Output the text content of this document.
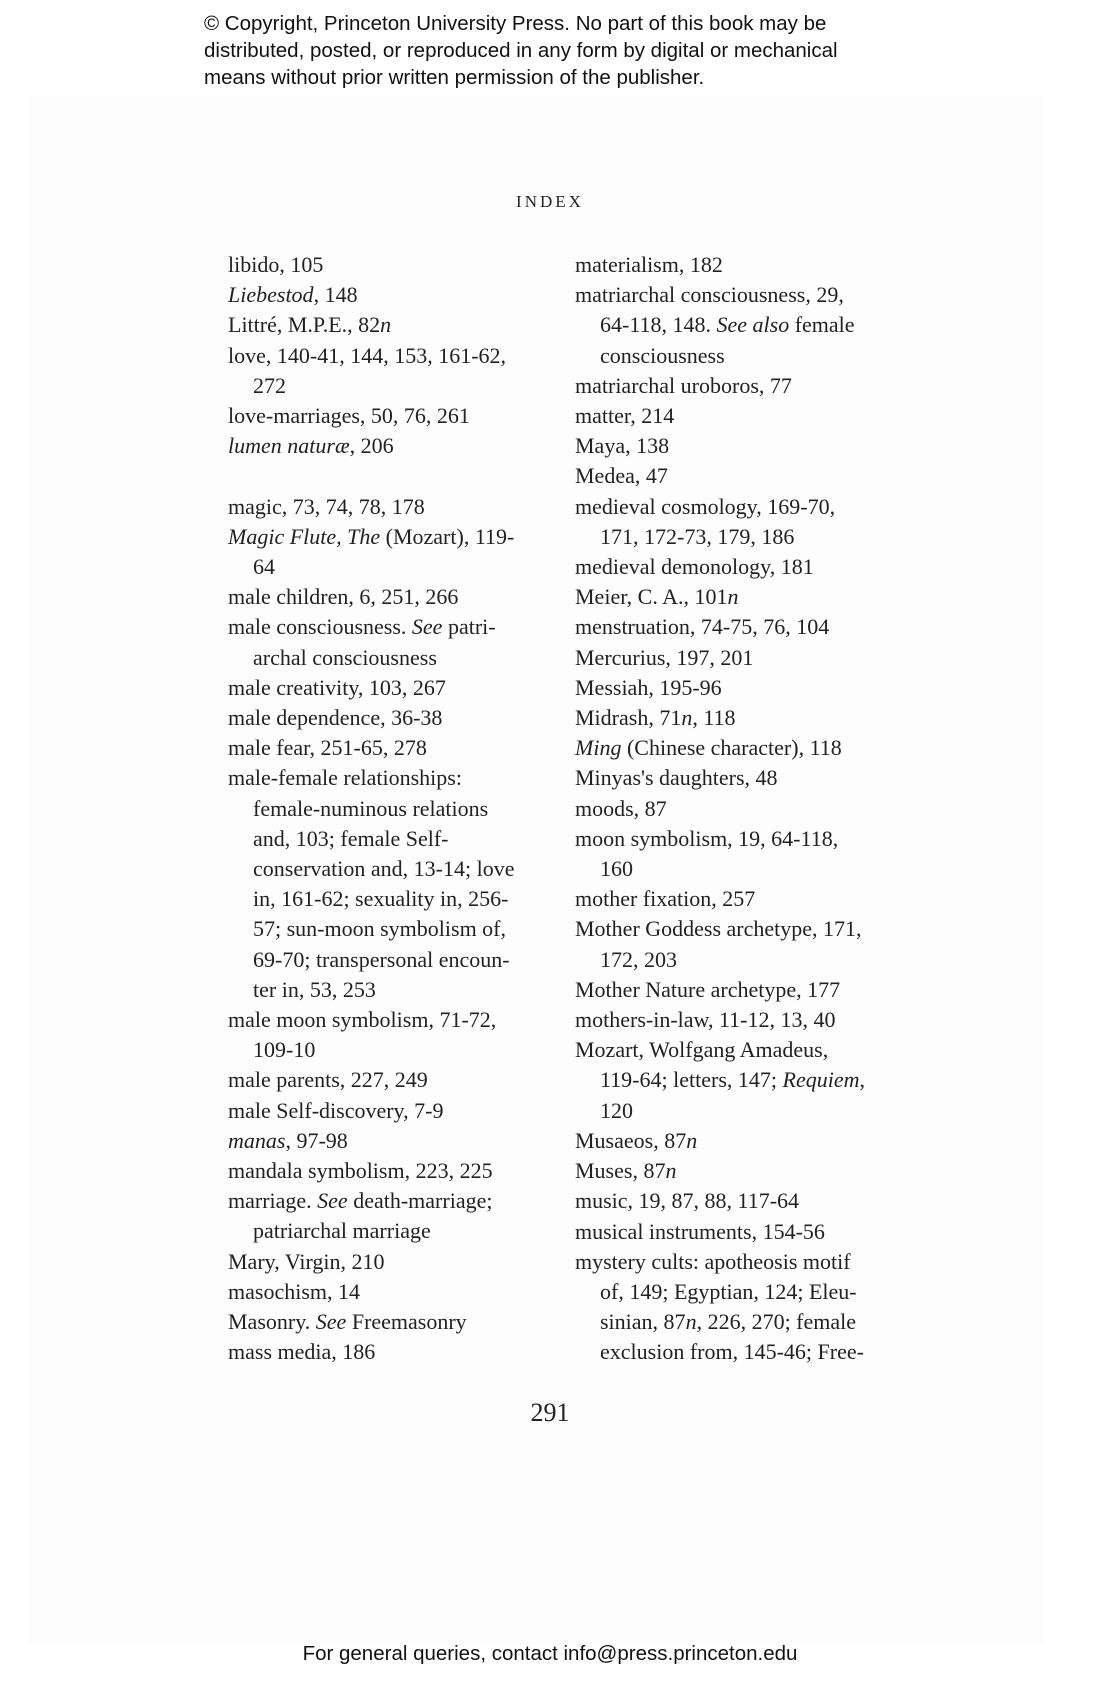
© Copyright, Princeton University Press. No part of this book may be
distributed, posted, or reproduced in any form by digital or mechanical
means without prior written permission of the publisher.
INDEX
libido, 105
Liebestod, 148
Littré, M.P.E., 82n
love, 140-41, 144, 153, 161-62,
272
love-marriages, 50, 76, 261
lumen naturæ, 206
magic, 73, 74, 78, 178
Magic Flute, The (Mozart), 119-
64
male children, 6, 251, 266
male consciousness. See patri-
archal consciousness
male creativity, 103, 267
male dependence, 36-38
male fear, 251-65, 278
male-female relationships:
female-numinous relations
and, 103; female Self-
conservation and, 13-14; love
in, 161-62; sexuality in, 256-
57; sun-moon symbolism of,
69-70; transpersonal encoun-
ter in, 53, 253
male moon symbolism, 71-72,
109-10
male parents, 227, 249
male Self-discovery, 7-9
manas, 97-98
mandala symbolism, 223, 225
marriage. See death-marriage;
patriarchal marriage
Mary, Virgin, 210
masochism, 14
Masonry. See Freemasonry
mass media, 186
materialism, 182
matriarchal consciousness, 29,
64-118, 148. See also female
consciousness
matriarchal uroboros, 77
matter, 214
Maya, 138
Medea, 47
medieval cosmology, 169-70,
171, 172-73, 179, 186
medieval demonology, 181
Meier, C. A., 101n
menstruation, 74-75, 76, 104
Mercurius, 197, 201
Messiah, 195-96
Midrash, 71n, 118
Ming (Chinese character), 118
Minyas's daughters, 48
moods, 87
moon symbolism, 19, 64-118,
160
mother fixation, 257
Mother Goddess archetype, 171,
172, 203
Mother Nature archetype, 177
mothers-in-law, 11-12, 13, 40
Mozart, Wolfgang Amadeus,
119-64; letters, 147; Requiem,
120
Musaeos, 87n
Muses, 87n
music, 19, 87, 88, 117-64
musical instruments, 154-56
mystery cults: apotheosis motif
of, 149; Egyptian, 124; Eleu-
sinian, 87n, 226, 270; female
exclusion from, 145-46; Free-
291
For general queries, contact info@press.princeton.edu
